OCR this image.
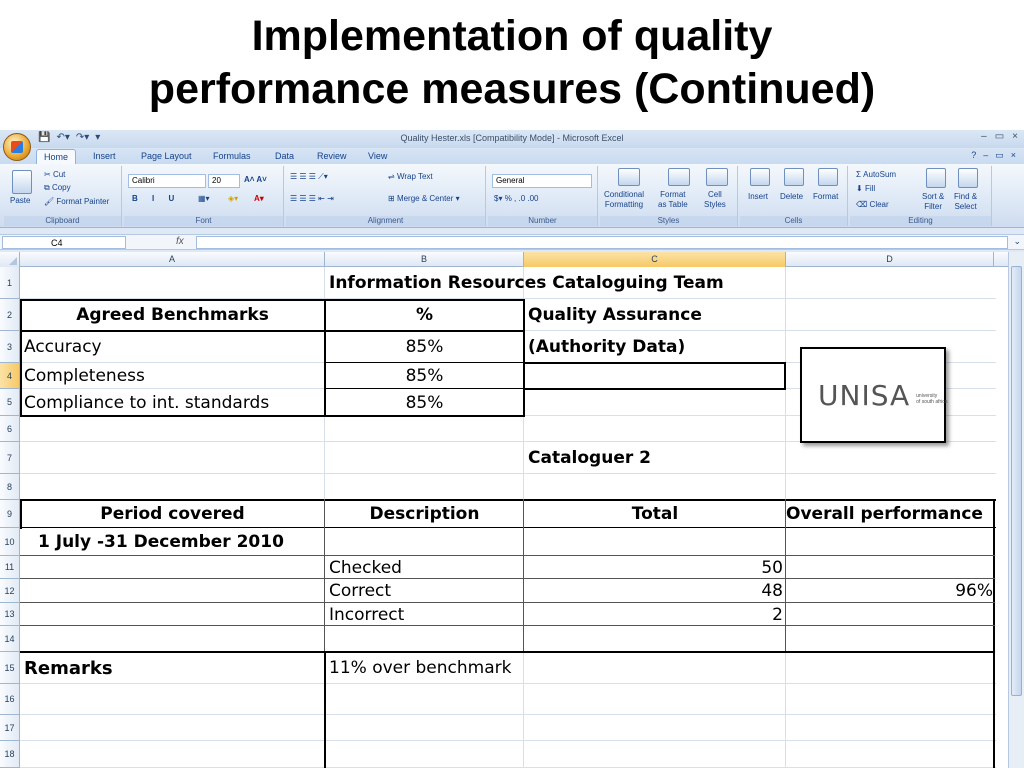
Implementation of quality
performance measures (Continued)
💾 ↶▾ ↷▾ ▾	Quality Hester.xls [Compatibility Mode] - Microsoft Excel	– ▭ ×
Home	Insert	Page Layout	Formulas	Data	Review	View	? – ▭ ×
Paste
✂ Cut
⧉ Copy
🖌 Format Painter
Clipboard
Calibri	20	A˄ A˅
B I U ▦▾ ◈▾ A▾
Font
☰ ☰ ☰ ⟋▾	⇌ Wrap Text
☰ ☰ ☰ ⇤ ⇥	⊞ Merge & Center ▾
Alignment
General
$▾ % , .0 .00
Number
Conditional
Formatting
Format
as Table
Cell
Styles
Styles
Insert Delete Format
Cells
Σ AutoSum
⬇ Fill
⌫ Clear
Sort &
Filter
Find &
Select
Editing
C4	fx	⌄
A	B	C	D
1
2
3
4
5
6
7
8
9
10
11
12
13
14
15
16
17
18
Information Resources Cataloguing Team
Agreed Benchmarks	%	Quality Assurance
Accuracy	85%	(Authority Data)
Completeness	85%
Compliance to int. standards	85%
Cataloguer 2
Period covered	Description	Total	Overall performance
1 July -31 December 2010
Checked	50
Correct	48	96%
Incorrect	2
Remarks	11% over benchmark
UNISA university
of south africa
